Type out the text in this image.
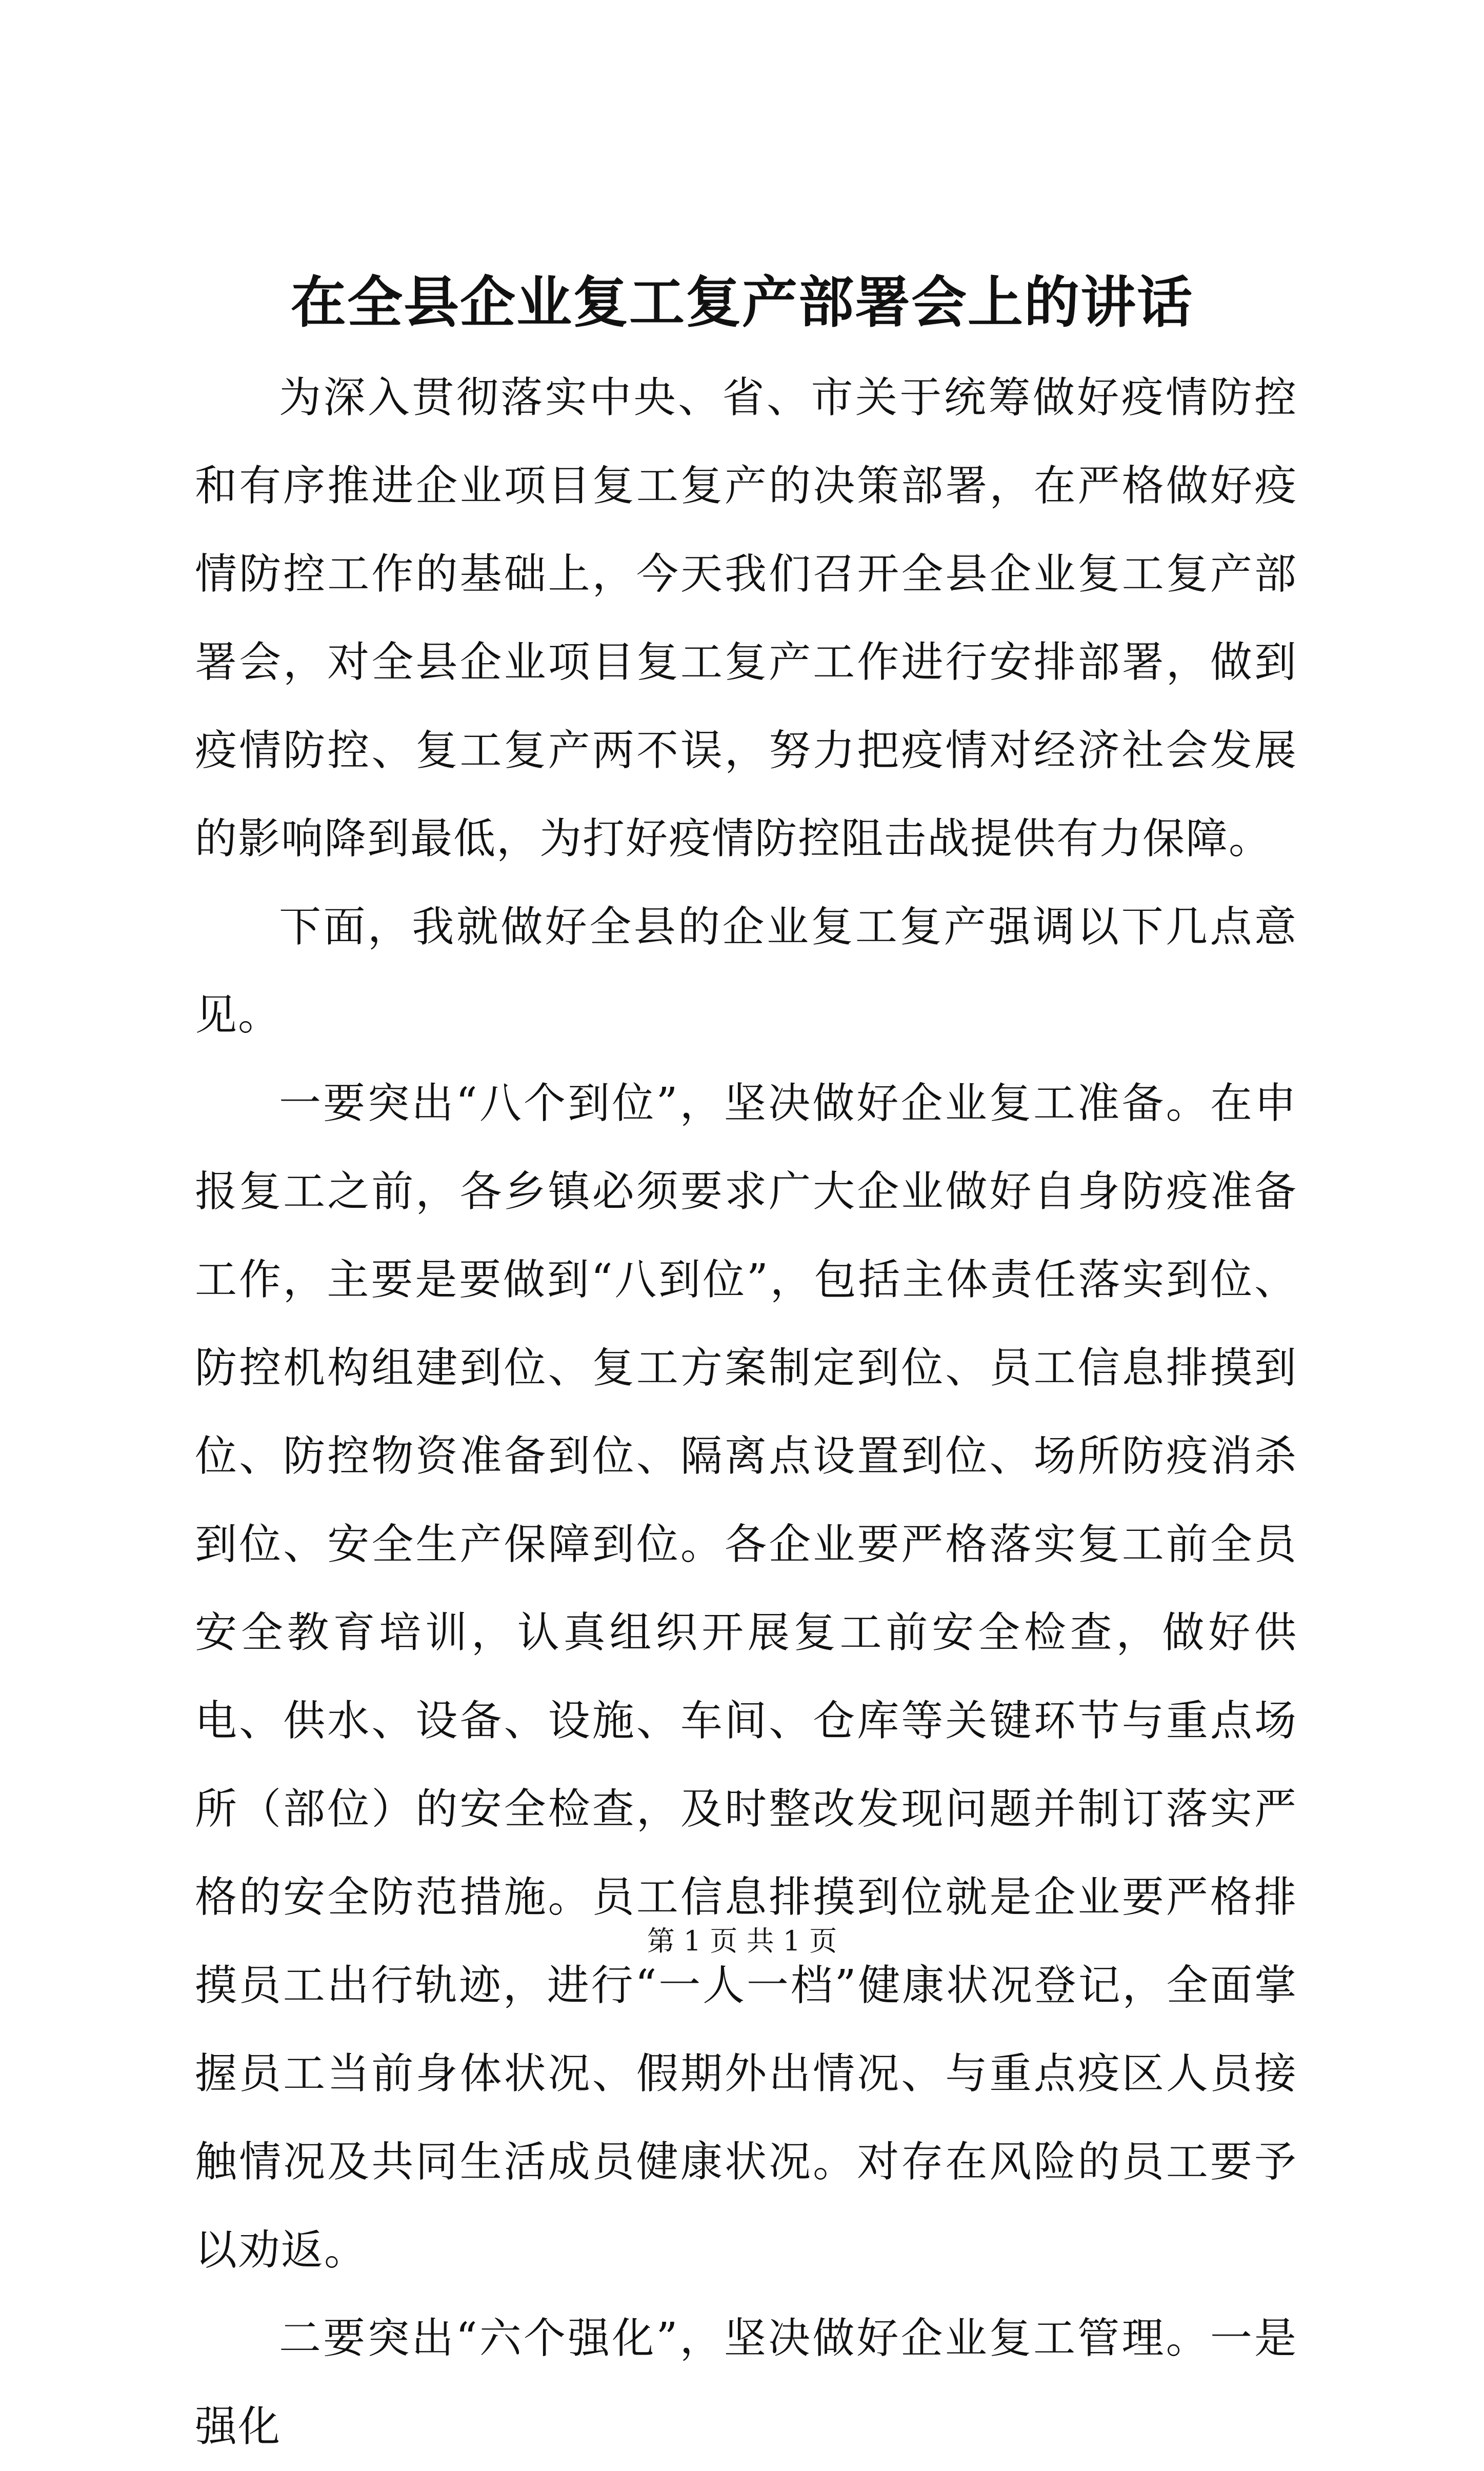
在全县企业复工复产部署会上的讲话

为深入贯彻落实中央、省、市关于统筹做好疫情防控和有序推进企业项目复工复产的决策部署，在严格做好疫情防控工作的基础上，今天我们召开全县企业复工复产部署会，对全县企业项目复工复产工作进行安排部署，做到疫情防控、复工复产两不误，努力把疫情对经济社会发展的影响降到最低，为打好疫情防控阻击战提供有力保障。

下面，我就做好全县的企业复工复产强调以下几点意见。

一要突出“八个到位”，坚决做好企业复工准备。在申报复工之前，各乡镇必须要求广大企业做好自身防疫准备工作，主要是要做到“八到位”，包括主体责任落实到位、防控机构组建到位、复工方案制定到位、员工信息排摸到位、防控物资准备到位、隔离点设置到位、场所防疫消杀到位、安全生产保障到位。各企业要严格落实复工前全员安全教育培训，认真组织开展复工前安全检查，做好供电、供水、设备、设施、车间、仓库等关键环节与重点场所（部位）的安全检查，及时整改发现问题并制订落实严格的安全防范措施。员工信息排摸到位就是企业要严格排摸员工出行轨迹，进行“一人一档”健康状况登记，全面掌握员工当前身体状况、假期外出情况、与重点疫区人员接触情况及共同生活成员健康状况。对存在风险的员工要予以劝返。

二要突出“六个强化”，坚决做好企业复工管理。一是强化

第 1 页 共 1 页
